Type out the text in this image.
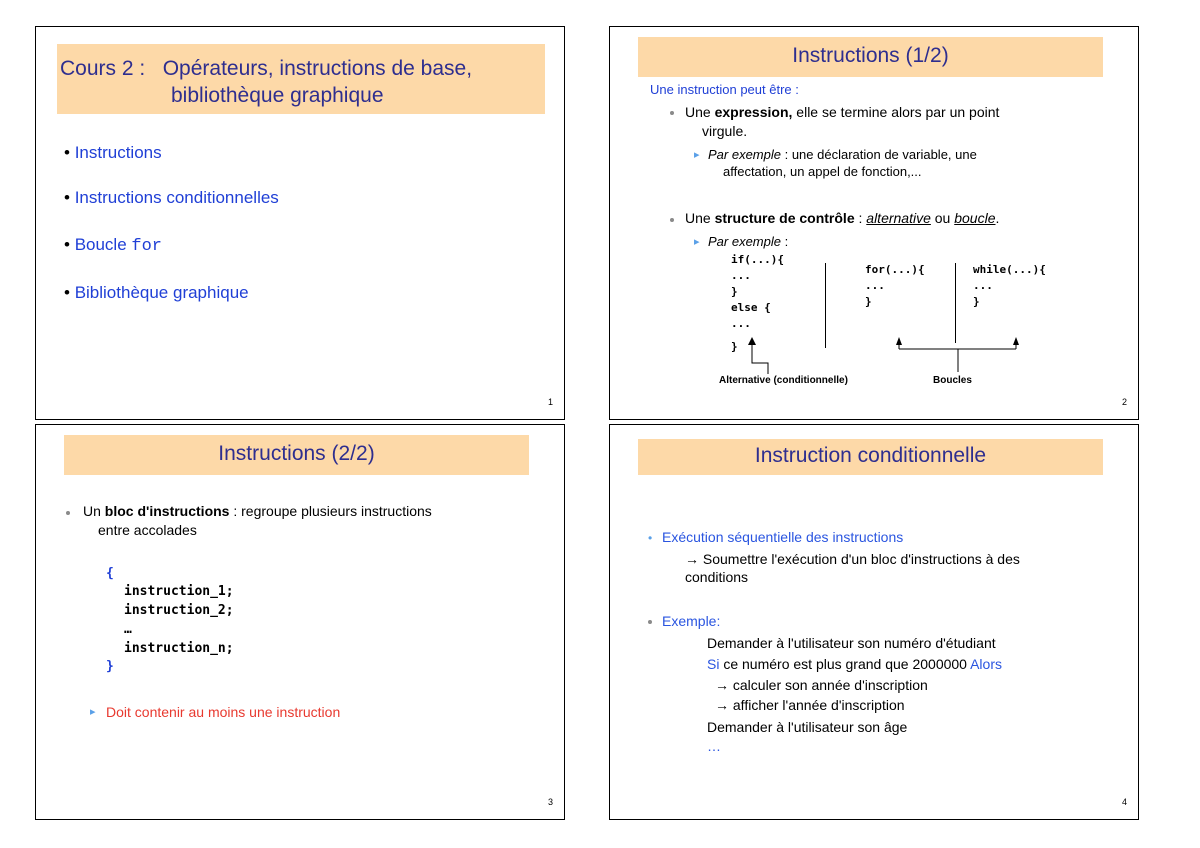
Cours 2 :   Opérateurs, instructions de base,
bibliothèque graphique
• Instructions
• Instructions conditionnelles
• Boucle for
• Bibliothèque graphique
1
Instructions (1/2)
Une instruction peut être :
Une expression, elle se termine alors par un point
virgule.
▸ Par exemple : une déclaration de variable, une
affectation, un appel de fonction,...
Une structure de contrôle : alternative ou boucle.
▸ Par exemple :
if(...){
...
}
else {
...
}
for(...){
...
}
while(...){
...
}
Alternative (conditionnelle)	Boucles
2
Instructions (2/2)
Un bloc d'instructions : regroupe plusieurs instructions
entre accolades
{
instruction_1;
instruction_2;
…
instruction_n;
}
▸ Doit contenir au moins une instruction
3
Instruction conditionnelle
• Exécution séquentielle des instructions
→ Soumettre l'exécution d'un bloc d'instructions à des
conditions
Exemple:
Demander à l'utilisateur son numéro d'étudiant
Si ce numéro est plus grand que 2000000 Alors
→ calculer son année d'inscription
→ afficher l'année d'inscription
Demander à l'utilisateur son âge
…
4
